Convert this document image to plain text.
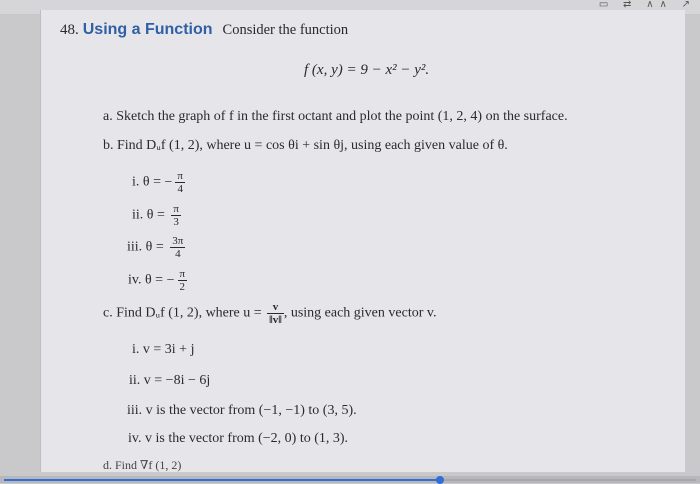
▭ ⇄ ∧∧ ↗
48. Using a Function Consider the function
f (x, y) = 9 − x² − y².
a. Sketch the graph of f in the first octant and plot the point (1, 2, 4) on the surface.
b. Find Dᵤf (1, 2), where u = cos θi + sin θj, using each given value of θ.
i. θ = − $\frac{\pi}{4}$
ii. $\theta = \frac{\pi}{3}$
iii. $\theta = \frac{3\pi}{4}$
iv. θ = − $\frac{\pi}{2}$
c. Find Dᵤf (1, 2), where $u = \frac{v}{‖v‖}$ , using each given vector v.
i. v = 3i + j
ii. v = −8i − 6j
iii. v is the vector from (−1, −1) to (3, 5).
iv. v is the vector from (−2, 0) to (1, 3).
d. Find ∇f (1, 2)
